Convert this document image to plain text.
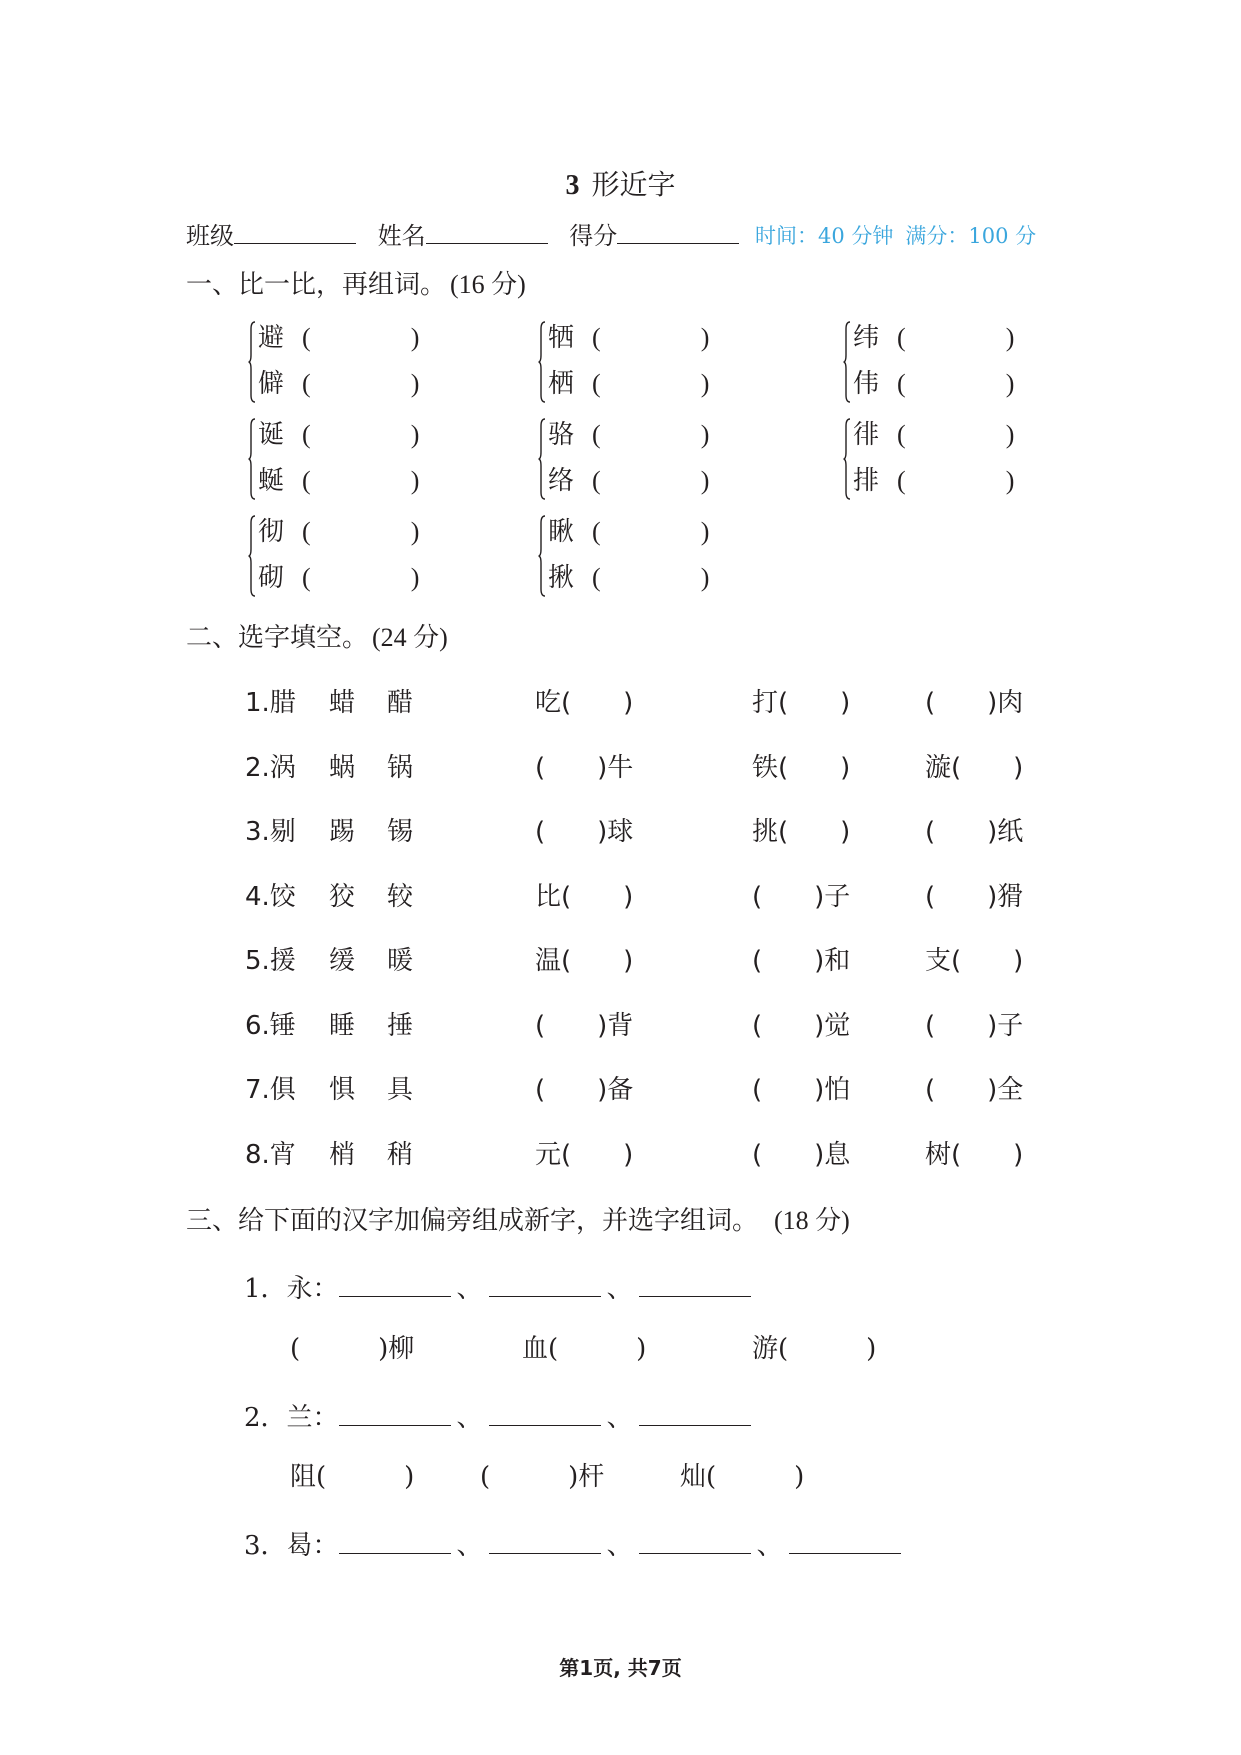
3 形近字
班级	姓名	得分	时间：40 分钟 满分：100 分
一、比一比，再组词。 (16 分)
避 (	)
僻 (	)
牺 (	)
栖 (	)
纬 (	)
伟 (	)
诞 (	)
蜒 (	)
骆 (	)
络 (	)
徘 (	)
排 (	)
彻 (	)
砌 (	)
瞅 (	)
揪 (	)
二、选字填空。 (24 分)
1.腊 蜡 醋	吃(　　)	打(　　)	(　　)肉
2.涡 蜗 锅	(　　)牛	铁(　　)	漩(　　)
3.剔 踢 锡	(　　)球	挑(　　)	(　　)纸
4.饺 狡 较	比(　　)	(　　)子	(　　)猾
5.援 缓 暖	温(　　)	(　　)和	支(　　)
6.锤 睡 捶	(　　)背	(　　)觉	(　　)子
7.俱 惧 具	(　　)备	(　　)怕	(　　)全
8.宵 梢 稍	元(　　)	(　　)息	树(　　)
三、给下面的汉字加偏旁组成新字，并选字组词。 (18 分)
1．永：	、	、
(　　　)柳	血(　　　)	游(　　　)
2．兰：	、	、
阻(　　　)	(　　　)杆	灿(　　　)
3．曷：	、	、	、
第1页, 共7页
